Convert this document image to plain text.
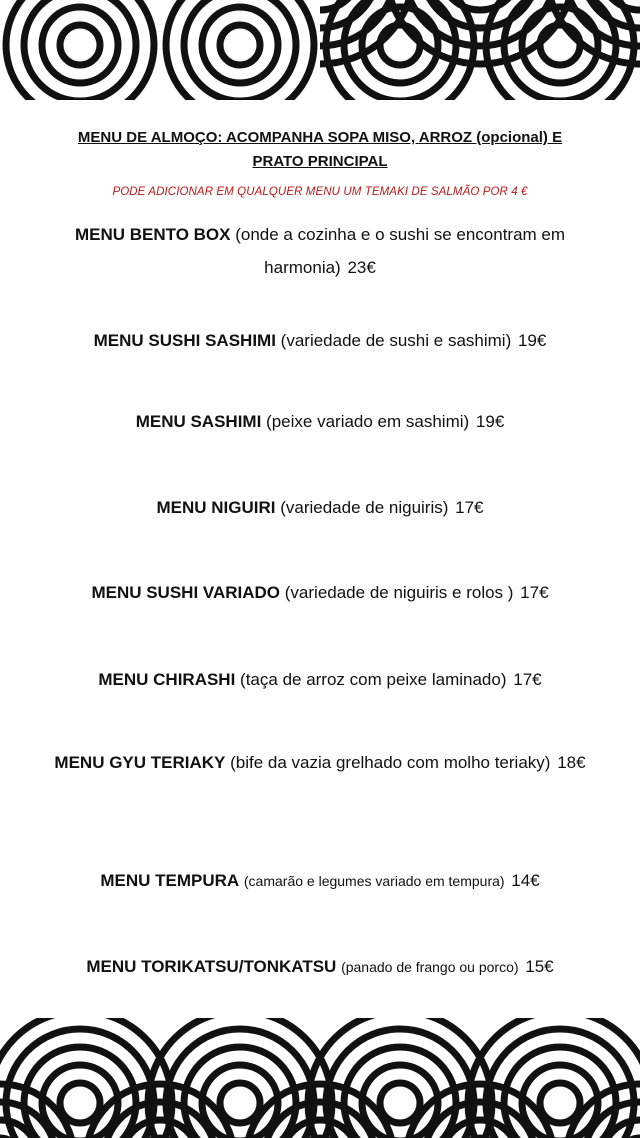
MENU DE ALMOÇO: ACOMPANHA SOPA MISO, ARROZ (opcional) E
PRATO PRINCIPAL
PODE ADICIONAR EM QUALQUER MENU UM TEMAKI DE SALMÃO POR 4 €
MENU BENTO BOX (onde a cozinha e o sushi se encontram em harmonia) 23€
MENU SUSHI SASHIMI (variedade de sushi e sashimi) 19€
MENU SASHIMI (peixe variado em sashimi) 19€
MENU NIGUIRI (variedade de niguiris) 17€
MENU SUSHI VARIADO (variedade de niguiris e rolos ) 17€
MENU CHIRASHI (taça de arroz com peixe laminado) 17€
MENU GYU TERIAKY (bife da vazia grelhado com molho teriaky) 18€
MENU TEMPURA (camarão e legumes variado em tempura) 14€
MENU TORIKATSU/TONKATSU (panado de frango ou porco) 15€
